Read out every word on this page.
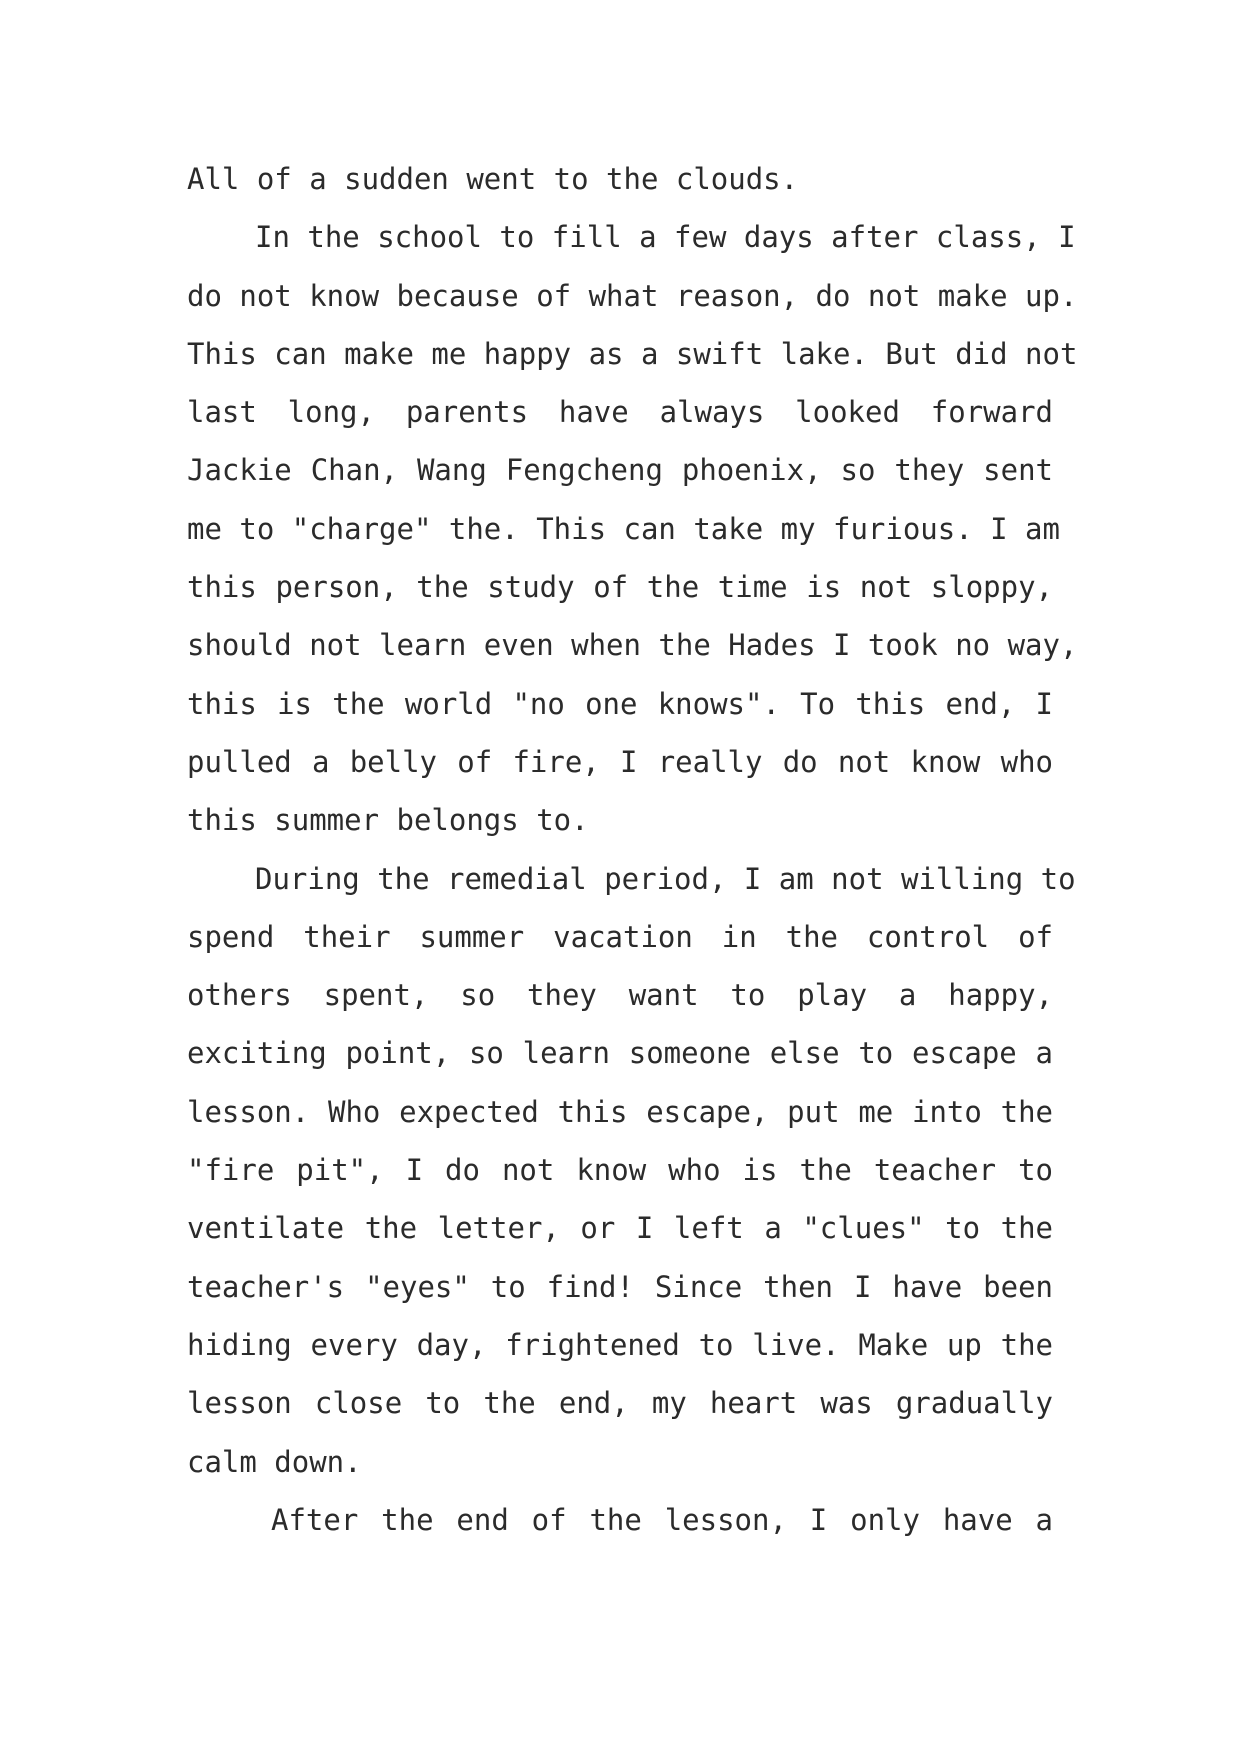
All of a sudden went to the clouds.
In the school to fill a few days after class, I
do not know because of what reason, do not make up.
This can make me happy as a swift lake. But did not
last long, parents have always looked forward
Jackie Chan, Wang Fengcheng phoenix, so they sent
me to "charge" the. This can take my furious. I am
this person, the study of the time is not sloppy,
should not learn even when the Hades I took no way,
this is the world "no one knows". To this end, I
pulled a belly of fire, I really do not know who
this summer belongs to.
During the remedial period, I am not willing to
spend their summer vacation in the control of
others spent, so they want to play a happy,
exciting point, so learn someone else to escape a
lesson. Who expected this escape, put me into the
"fire pit", I do not know who is the teacher to
ventilate the letter, or I left a "clues" to the
teacher's "eyes" to find! Since then I have been
hiding every day, frightened to live. Make up the
lesson close to the end, my heart was gradually
calm down.
After the end of the lesson, I only have a
